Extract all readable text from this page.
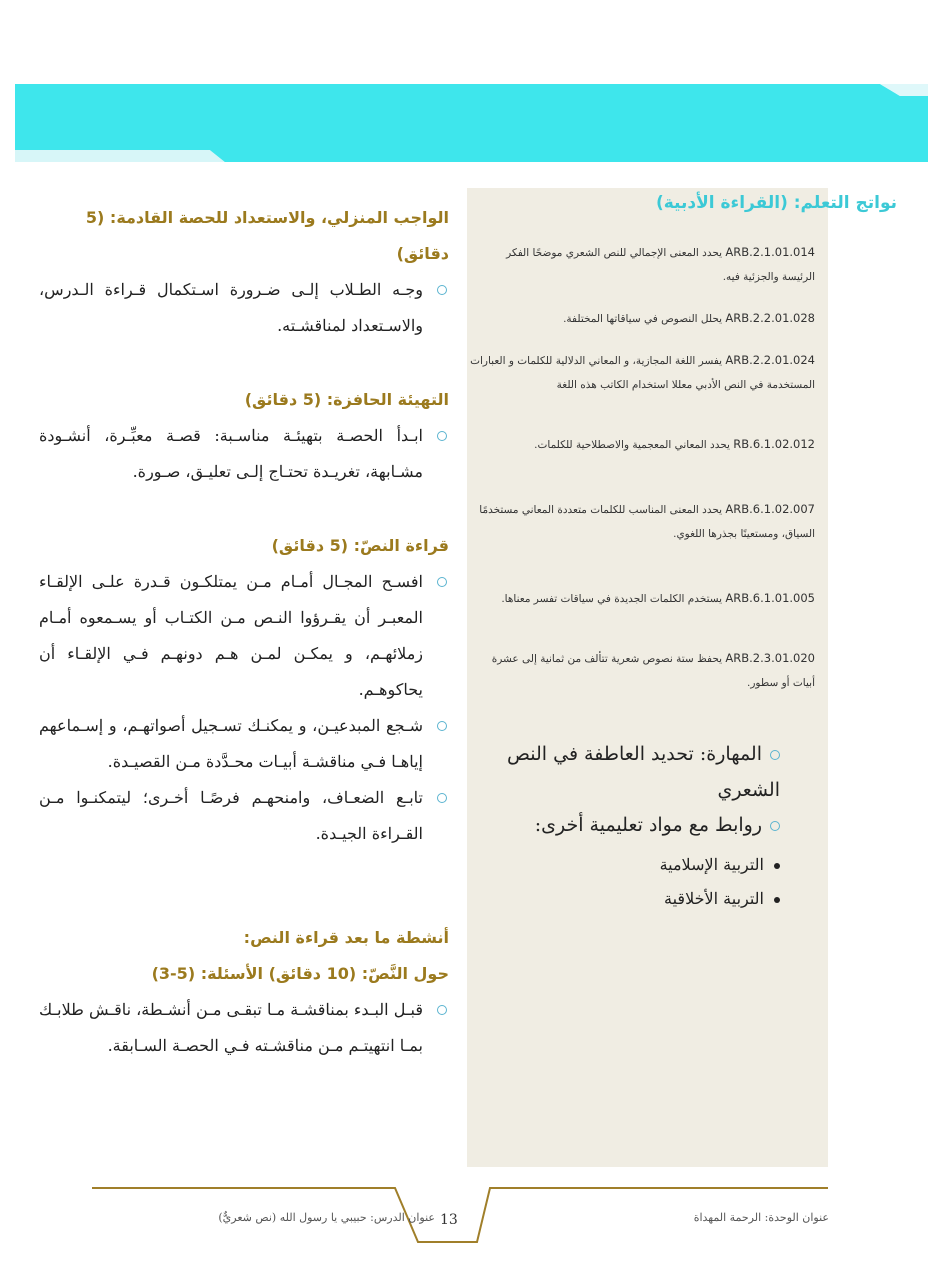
نواتج التعلم: (القراءة الأدبية)
ARB.2.1.01.014 يحدد المعنى الإجمالي للنص الشعري موضحًا الفكر الرئيسة والجزئية فيه.
ARB.2.2.01.028 يحلل النصوص في سياقاتها المختلفة.
ARB.2.2.01.024 يفسر اللغة المجازية، و المعاني الدلالية للكلمات و العبارات المستخدمة في النص الأدبي معللا استخدام الكاتب هذه اللغة
RB.6.1.02.012 يحدد المعاني المعجمية والاصطلاحية للكلمات.
ARB.6.1.02.007 يحدد المعنى المناسب للكلمات متعددة المعاني مستخدمًا السياق، ومستعينًا بجذرها اللغوي.
ARB.6.1.01.005 يستخدم الكلمات الجديدة في سياقات تفسر معناها.
ARB.2.3.01.020 يحفظ ستة نصوص شعرية تتألف من ثمانية إلى عشرة أبيات أو سطور.
المهارة: تحديد العاطفة في النص الشعري
روابط مع مواد تعليمية أخرى:
التربية الإسلامية
التربية الأخلاقية
الواجب المنزلي، والاستعداد للحصة القادمة: (5 دقائق)
وجـه الطـلاب إلـى ضـرورة اسـتكمال قـراءة الـدرس، والاسـتعداد لمناقشـته.
التهيئة الحافزة: (5 دقائق)
ابـدأ الحصـة بتهيئـة مناسـبة: قصـة معبِّـرة، أنشـودة مشـابهة، تغريـدة تحتـاج إلـى تعليـق، صـورة.
قراءة النصّ: (5 دقائق)
افسـح المجـال أمـام مـن يمتلكـون قـدرة علـى الإلقـاء المعبـر أن يقـرؤوا النـص مـن الكتـاب أو يسـمعوه أمـام زملائهـم، و يمكـن لمـن هـم دونهـم فـي الإلقـاء أن يحاكوهـم.
شـجع المبدعيـن، و يمكنـك تسـجيل أصواتهـم، و إسـماعهم إياهـا فـي مناقشـة أبيـات محـدَّدة مـن القصيـدة.
تابـع الضعـاف، وامنحهـم فرصًـا أخـرى؛ ليتمكنـوا مـن القـراءة الجيـدة.
أنشطة ما بعد قراءة النص:
حول النَّصّ: (10 دقائق) الأسئلة: (5-3)
قبـل البـدء بمناقشـة مـا تبقـى مـن أنشـطة، ناقـش طلابـك بمـا انتهيتـم مـن مناقشـته فـي الحصـة السـابقة.
عنوان الوحدة: الرحمة المهداة
عنوان الدرس: حبيبي يا رسول الله (نص شعريٌّ) 13
